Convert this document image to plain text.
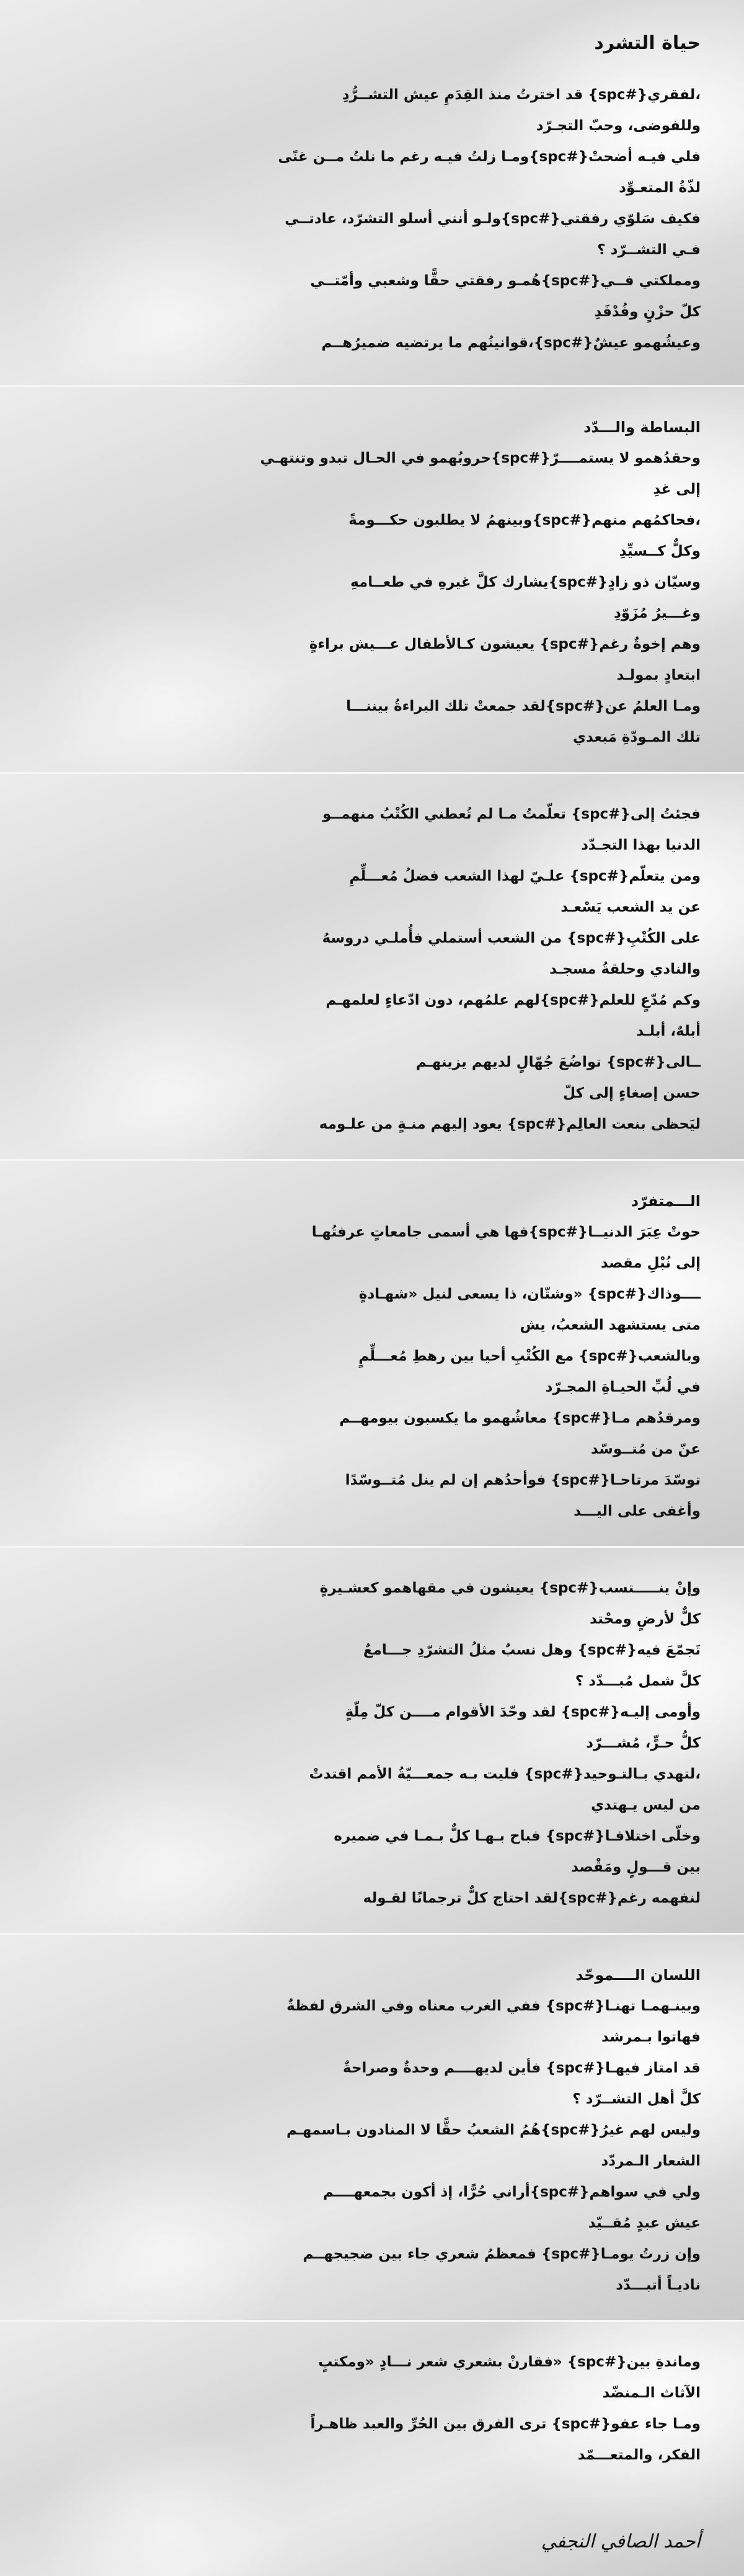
حياة التشرد
،لفقري{#spc} قد اخترتُ منذ القِدَمِ عيش التشــرُّدِ
وللفوضى، وحبّ التجـرّد
فلي فيـه أضحتْ{#spc}ومـا زلتُ فيـه رغم ما نلتُ مــن غنًى
لذّةُ المتعـوِّد
فكيف سَلوّي رفقتي{#spc}ولـو أنني أسلو التشرّد، عادتــي
فـي التشــرّد ؟
ومملكتي فــي{#spc}هُمـو رفقتي حقًّا وشعبي وأمّتــي
كلّ حزْنٍ وفُدْفَدِ
وعيشُهمو عيشٌ{#spc}،قوانينُهم ما يرتضيه ضميرُهــم
البساطة والـــدّد
وحقدُهمو لا يستمــــرّ{#spc}حروبُهمو في الحـال تبدو وتنتهـي
إلى غدِ
،فحاكمُهم منهم{#spc}وبينهمُ لا يطلبون حكـــومةً
وكلٌّ كــسيِّدِ
وسيّان ذو زادٍ{#spc}يشارك كلَّ غيرهِ في طعــامهِ
وغـــيرُ مُزَوّدِ
وهم إخوةٌ رغم{#spc} يعيشون كـالأطفال عـــيش براءةٍ
ابتعادٍ بمولـد
ومـا العلمُ عن{#spc}لقد جمعتْ تلك البراءةُ بيننـــا
تلك المـودّةِ مَبعدي
فجئتُ إلى{#spc} تعلّمتُ مـا لم تُعطني الكُتْبُ منهمــو
الدنيا بهذا التجـدّد
ومن يتعلّم{#spc} علـيّ لهذا الشعب فضلُ مُعـــلِّمِ
عن يد الشعب يَسْعـد
على الكُتْبِ{#spc} من الشعب أستملي فأُملـي دروسهُ
والنادي وحلقةُ مسجـد
وكم مُدّعٍ للعلم{#spc}لهم علمُهم، دون ادّعاءٍ لعلمهـم
أبلهٌ، أبلـد
ــالى{#spc} تواضُعَ جُهّالٍ لديهم يزينهـم
حسن إصغاءٍ إلى كلّ
ليَحظى بنعت العالِم{#spc} يعود إليهم منـةٍ من علـومه
الـــمتفرّد
حوتْ عِبَرَ الدنيــا{#spc}فها هي أسمى جامعاتٍ عرفتُهـا
إلى نُبْلِ مقصد
ــــوذاك{#spc} «وشتّان، ذا يسعى لنيل «شهـادةٍ
متى يستشهد الشعبُ، يش
وبالشعب{#spc} مع الكُتْبِ أحيا بين رهطِ مُعـــلِّمٍ
في لُبِّ الحيـاةِ المجـرّد
ومرقدُهم مـا{#spc} معاشُهمو ما يكسبون بيومهــم
عنّ من مُتــوسّد
توسّدَ مرتاحـا{#spc} فوأحدُهم إن لم ينل مُتــوسّدًا
وأغفى على اليـــد
وإنْ ينـــــتسب{#spc} يعيشون في مقهاهمو كعشـيرةٍ
كلٌّ لأرضٍ ومحْتد
تَجمّعَ فيه{#spc} وهل نسبٌ مثلُ التشرّدِ جـــامعٌ
كلَّ شمل مُبـــدّد ؟
وأومى إليـه{#spc} لقد وحّدَ الأقوام مــــن كلّ مِلّةٍ
كلُّ حـرٍّ، مُشـــرّد
،لتهدي بـالتـوحيد{#spc} فليت بـه جمعـــيّةُ الأمم اقتدتْ
من ليس يـهتدي
وخلّى اختلافـا{#spc} فباح بـهـا كلٌّ بـمـا في ضميره
بين قـــولٍ ومَقْصد
لنفهمه رغم{#spc}لقد احتاج كلٌّ ترجمانًا لقـوله
اللسان الــــموحّد
وبينـهمـا تهنـا{#spc} ففي الغرب معناه وفي الشرق لفظةٌ
فهاتوا بـمرشد
قد امتاز فيهـا{#spc} فأين لديهــــم وحدةٌ وصراحةٌ
كلَّ أهل التشــرّد ؟
وليس لهم غيرُ{#spc}هُمُ الشعبُ حقًّا لا المنادون بـاسمهـم
الشعار الـمردّد
ولي في سواهم{#spc}أراني حُرًّا، إذ أكون بجمعهــــم
عيش عبدٍ مُقــيّد
وإن زرتُ يومـا{#spc} فمعظمُ شعري جاء بين ضجيجهــم
ناديـاً أتبـــدّد
وماندةِ بين{#spc} «فقارنْ بشعري شعر نـــادٍ «ومكتبٍ
الآثاث الـمنضّد
ومـا جاء عفو{#spc} ترى الفرق بين الحُرِّ والعبد ظاهـراً
الفكر، والمتعـــمّد
أحمد الصافي النجفي
